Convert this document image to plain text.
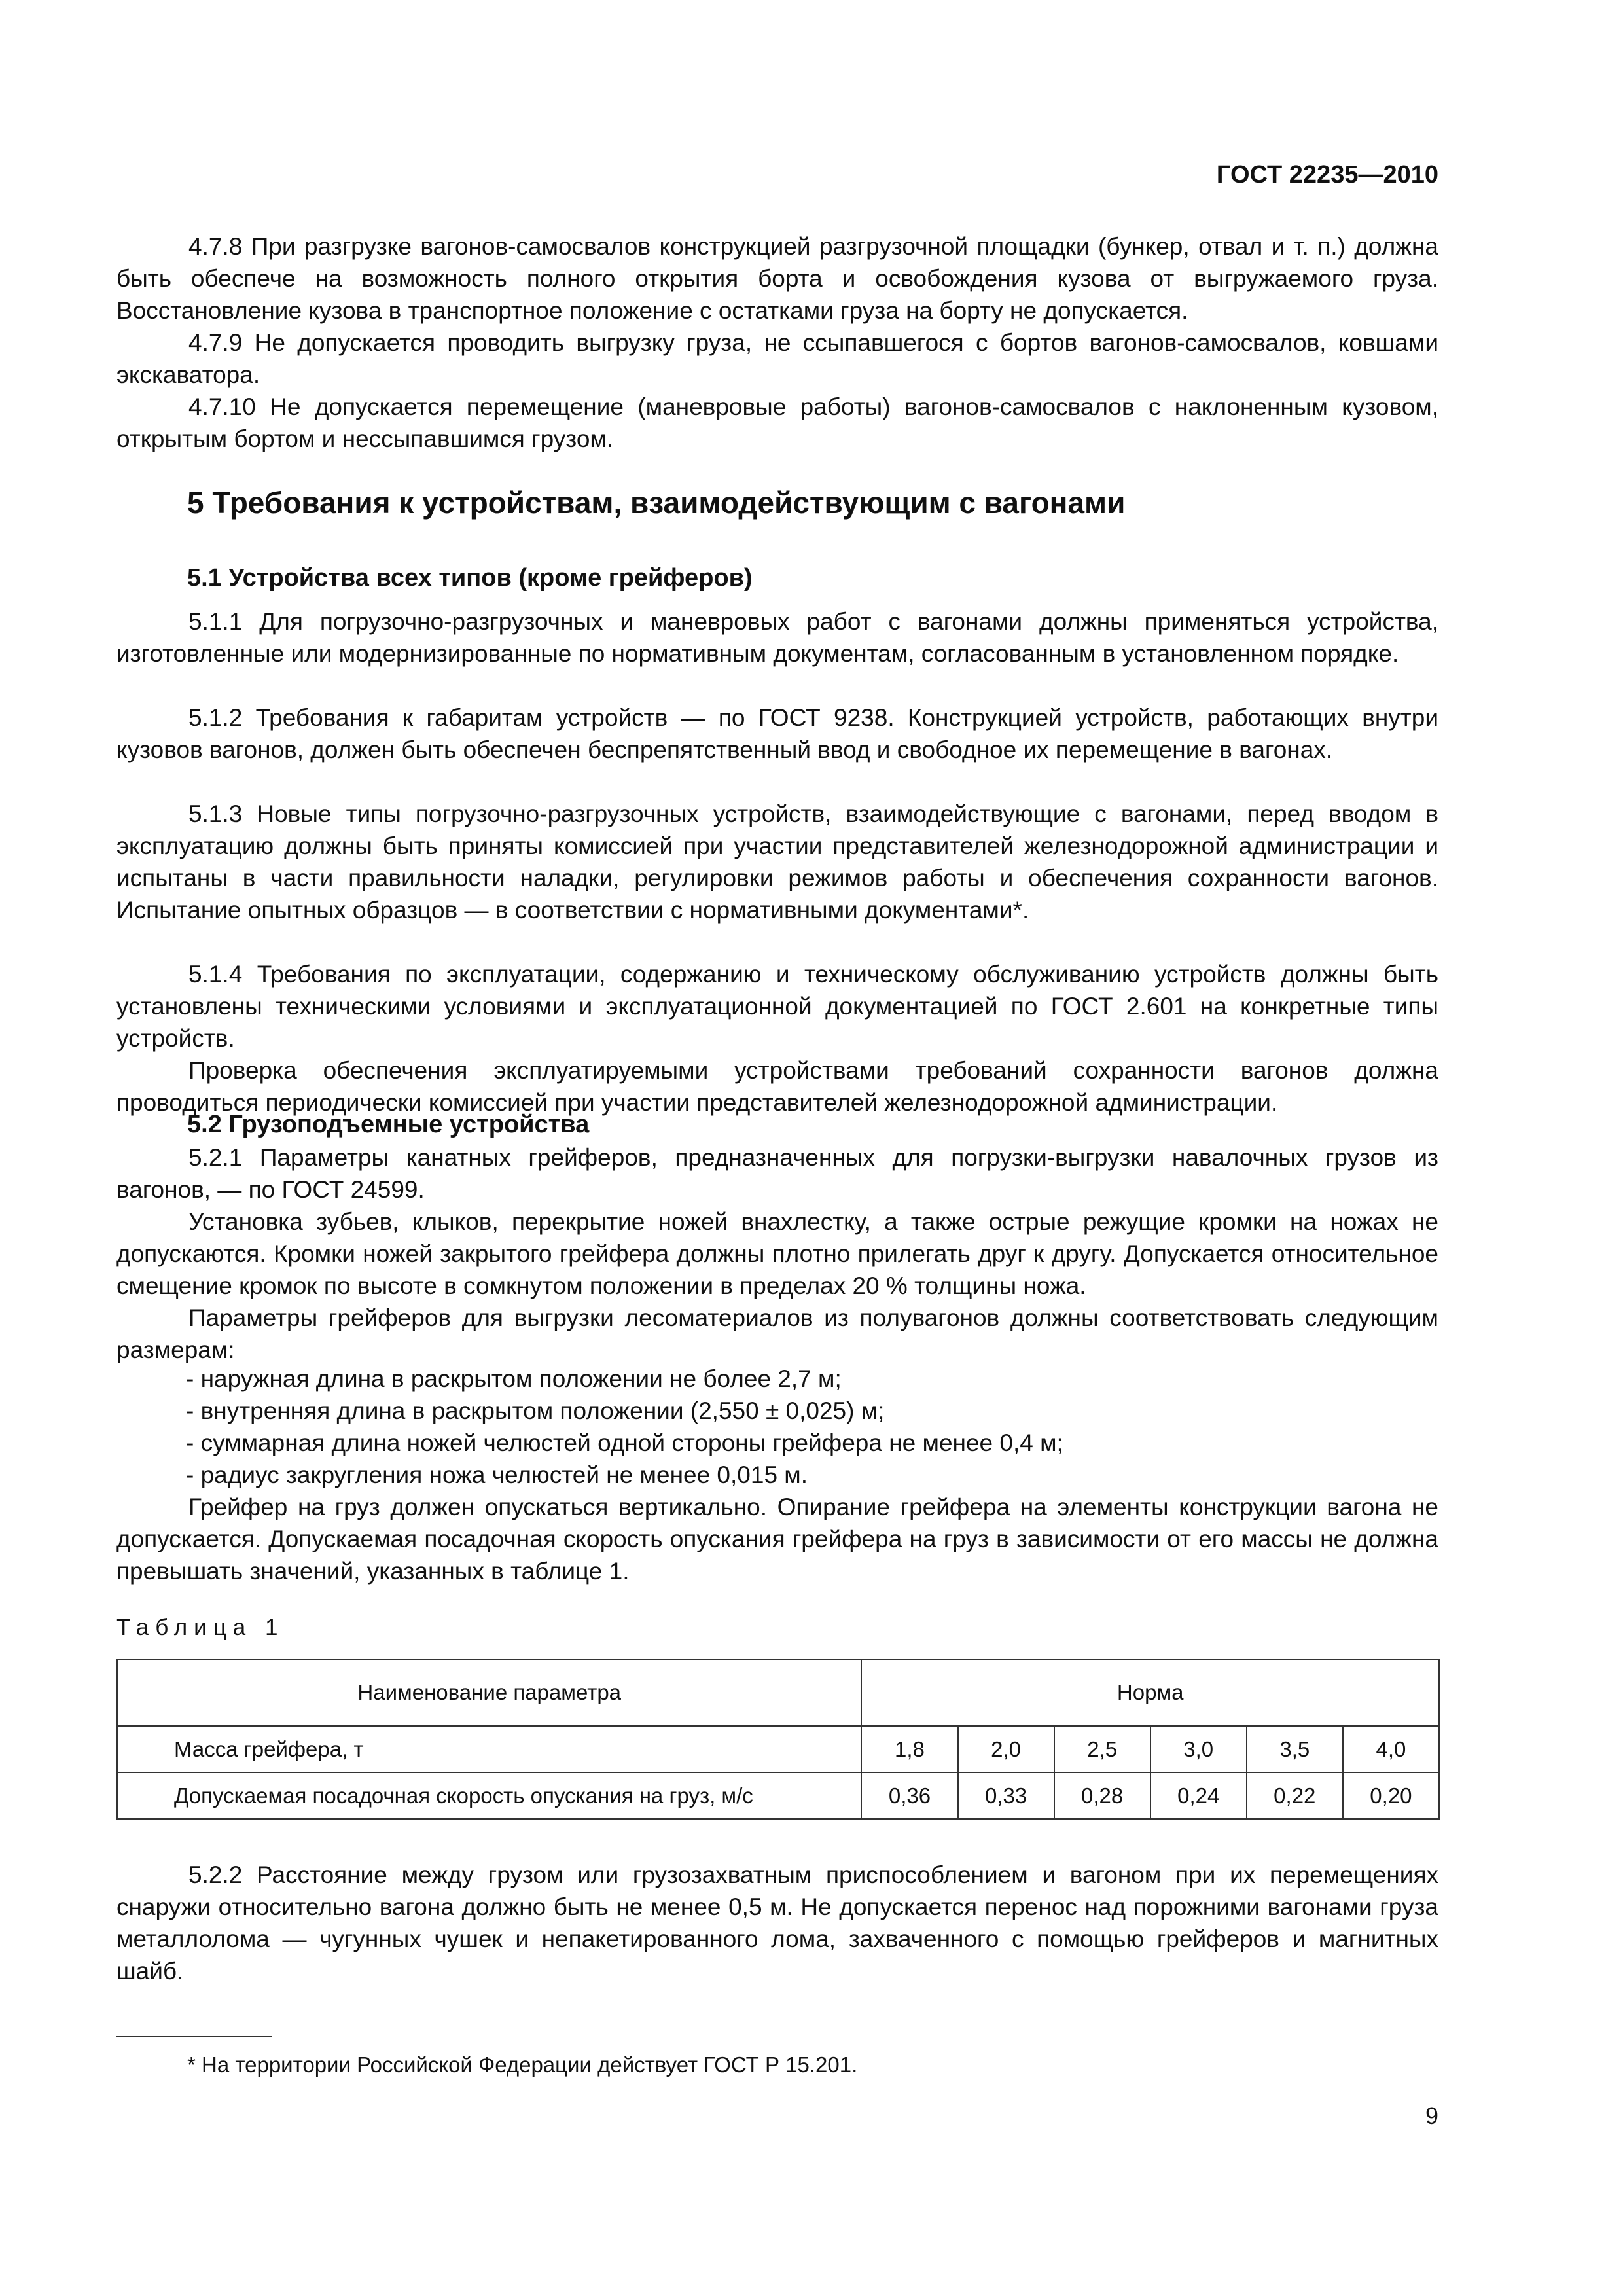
ГОСТ 22235—2010

4.7.8 При разгрузке вагонов-самосвалов конструкцией разгрузочной площадки (бункер, отвал и т. п.) должна быть обеспече на возможность полного открытия борта и освобождения кузова от выгружаемого груза. Восстановление кузова в транспортное положение с остатками груза на борту не допускается.

4.7.9 Не допускается проводить выгрузку груза, не ссыпавшегося с бортов вагонов-самосвалов, ковшами экскаватора.

4.7.10 Не допускается перемещение (маневровые работы) вагонов-самосвалов с наклоненным кузовом, открытым бортом и нессыпавшимся грузом.

5 Требования к устройствам, взаимодействующим с вагонами
5.1 Устройства всех типов (кроме грейферов)

5.1.1 Для погрузочно-разгрузочных и маневровых работ с вагонами должны применяться устройства, изготовленные или модернизированные по нормативным документам, согласованным в установленном порядке.

5.1.2 Требования к габаритам устройств — по ГОСТ 9238. Конструкцией устройств, работающих внутри кузовов вагонов, должен быть обеспечен беспрепятственный ввод и свободное их перемещение в вагонах.

5.1.3 Новые типы погрузочно-разгрузочных устройств, взаимодействующие с вагонами, перед вводом в эксплуатацию должны быть приняты комиссией при участии представителей железнодорожной администрации и испытаны в части правильности наладки, регулировки режимов работы и обеспечения сохранности вагонов. Испытание опытных образцов — в соответствии с нормативными документами*.

5.1.4 Требования по эксплуатации, содержанию и техническому обслуживанию устройств должны быть установлены техническими условиями и эксплуатационной документацией по ГОСТ 2.601 на конкретные типы устройств.

Проверка обеспечения эксплуатируемыми устройствами требований сохранности вагонов должна проводиться периодически комиссией при участии представителей железнодорожной администрации.

5.2 Грузоподъемные устройства

5.2.1 Параметры канатных грейферов, предназначенных для погрузки-выгрузки навалочных грузов из вагонов, — по ГОСТ 24599.

Установка зубьев, клыков, перекрытие ножей внахлестку, а также острые режущие кромки на ножах не допускаются. Кромки ножей закрытого грейфера должны плотно прилегать друг к другу. Допускается относительное смещение кромок по высоте в сомкнутом положении в пределах 20 % толщины ножа.

Параметры грейферов для выгрузки лесоматериалов из полувагонов должны соответствовать следующим размерам:

- наружная длина в раскрытом положении не более 2,7 м;
- внутренняя длина в раскрытом положении (2,550 ± 0,025) м;
- суммарная длина ножей челюстей одной стороны грейфера не менее 0,4 м;
- радиус закругления ножа челюстей не менее 0,015 м.

Грейфер на груз должен опускаться вертикально. Опирание грейфера на элементы конструкции вагона не допускается. Допускаемая посадочная скорость опускания грейфера на груз в зависимости от его массы не должна превышать значений, указанных в таблице 1.

Таблица 1
Наименование параметра	Норма					
Масса грейфера, т	1,8	2,0	2,5	3,0	3,5	4,0
Допускаемая посадочная скорость опускания на груз, м/с	0,36	0,33	0,28	0,24	0,22	0,20

5.2.2 Расстояние между грузом или грузозахватным приспособлением и вагоном при их перемещениях снаружи относительно вагона должно быть не менее 0,5 м. Не допускается перенос над порожними вагонами груза металлолома — чугунных чушек и непакетированного лома, захваченного с помощью грейферов и магнитных шайб.

* На территории Российской Федерации действует ГОСТ Р 15.201.
9
